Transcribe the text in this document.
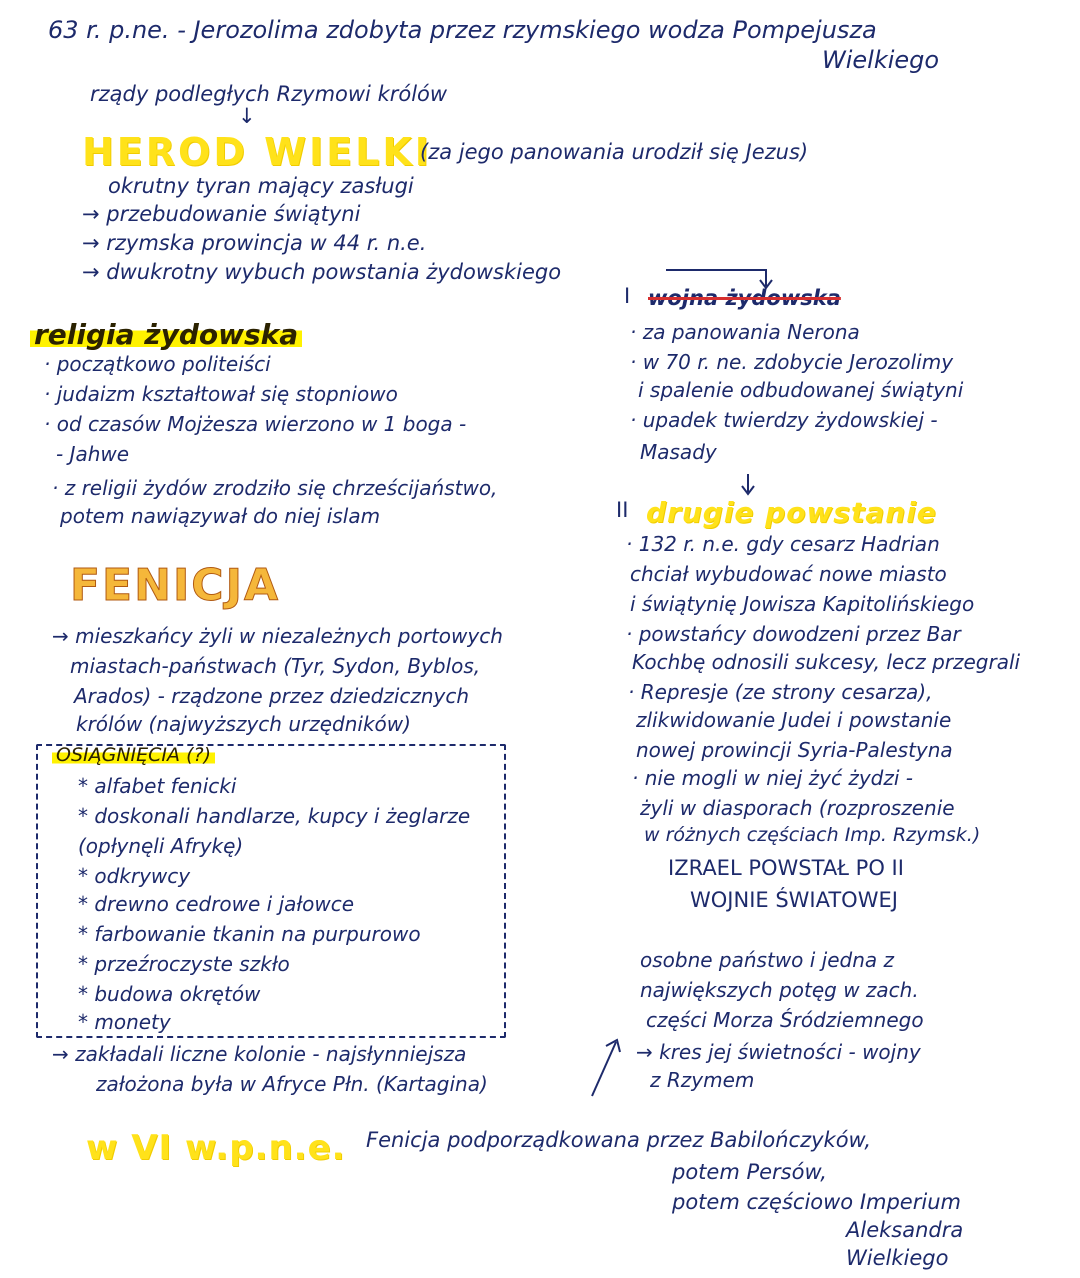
63 r. p.ne. - Jerozolima zdobyta przez rzymskiego wodza Pompejusza
Wielkiego
rządy podległych Rzymowi królów
↓
HEROD WIELKI
(za jego panowania urodził się Jezus)
okrutny tyran mający zasługi
→ przebudowanie świątyni
→ rzymska prowincja w 44 r. n.e.
→ dwukrotny wybuch powstania żydowskiego
religia żydowska
· początkowo politeiści
· judaizm kształtował się stopniowo
· od czasów Mojżesza wierzono w 1 boga -
- Jahwe
· z religii żydów zrodziło się chrześcijaństwo,
potem nawiązywał do niej islam
I wojna żydowska
· za panowania Nerona
· w 70 r. ne. zdobycie Jerozolimy
i spalenie odbudowanej świątyni
· upadek twierdzy żydowskiej -
Masady
II drugie powstanie
· 132 r. n.e. gdy cesarz Hadrian
chciał wybudować nowe miasto
i świątynię Jowisza Kapitolińskiego
· powstańcy dowodzeni przez Bar
Kochbę odnosili sukcesy, lecz przegrali
· Represje (ze strony cesarza),
zlikwidowanie Judei i powstanie
nowej prowincji Syria-Palestyna
· nie mogli w niej żyć żydzi -
żyli w diasporach (rozproszenie
w różnych częściach Imp. Rzymsk.)
IZRAEL POWSTAŁ PO II
WOJNIE ŚWIATOWEJ
FENICJA
→ mieszkańcy żyli w niezależnych portowych
miastach-państwach (Tyr, Sydon, Byblos,
Arados) - rządzone przez dziedzicznych
królów (najwyższych urzędników)
OSIĄGNIĘCIA (?)
* alfabet fenicki
* doskonali handlarze, kupcy i żeglarze
(opłynęli Afrykę)
* odkrywcy
* drewno cedrowe i jałowce
* farbowanie tkanin na purpurowo
* przeźroczyste szkło
* budowa okrętów
* monety
→ zakładali liczne kolonie - najsłynniejsza
założona była w Afryce Płn. (Kartagina)
osobne państwo i jedna z
największych potęg w zach.
części Morza Śródziemnego
→ kres jej świetności - wojny
z Rzymem
w VI w.p.n.e. Fenicja podporządkowana przez Babilończyków,
potem Persów,
potem częściowo Imperium
Aleksandra
Wielkiego
